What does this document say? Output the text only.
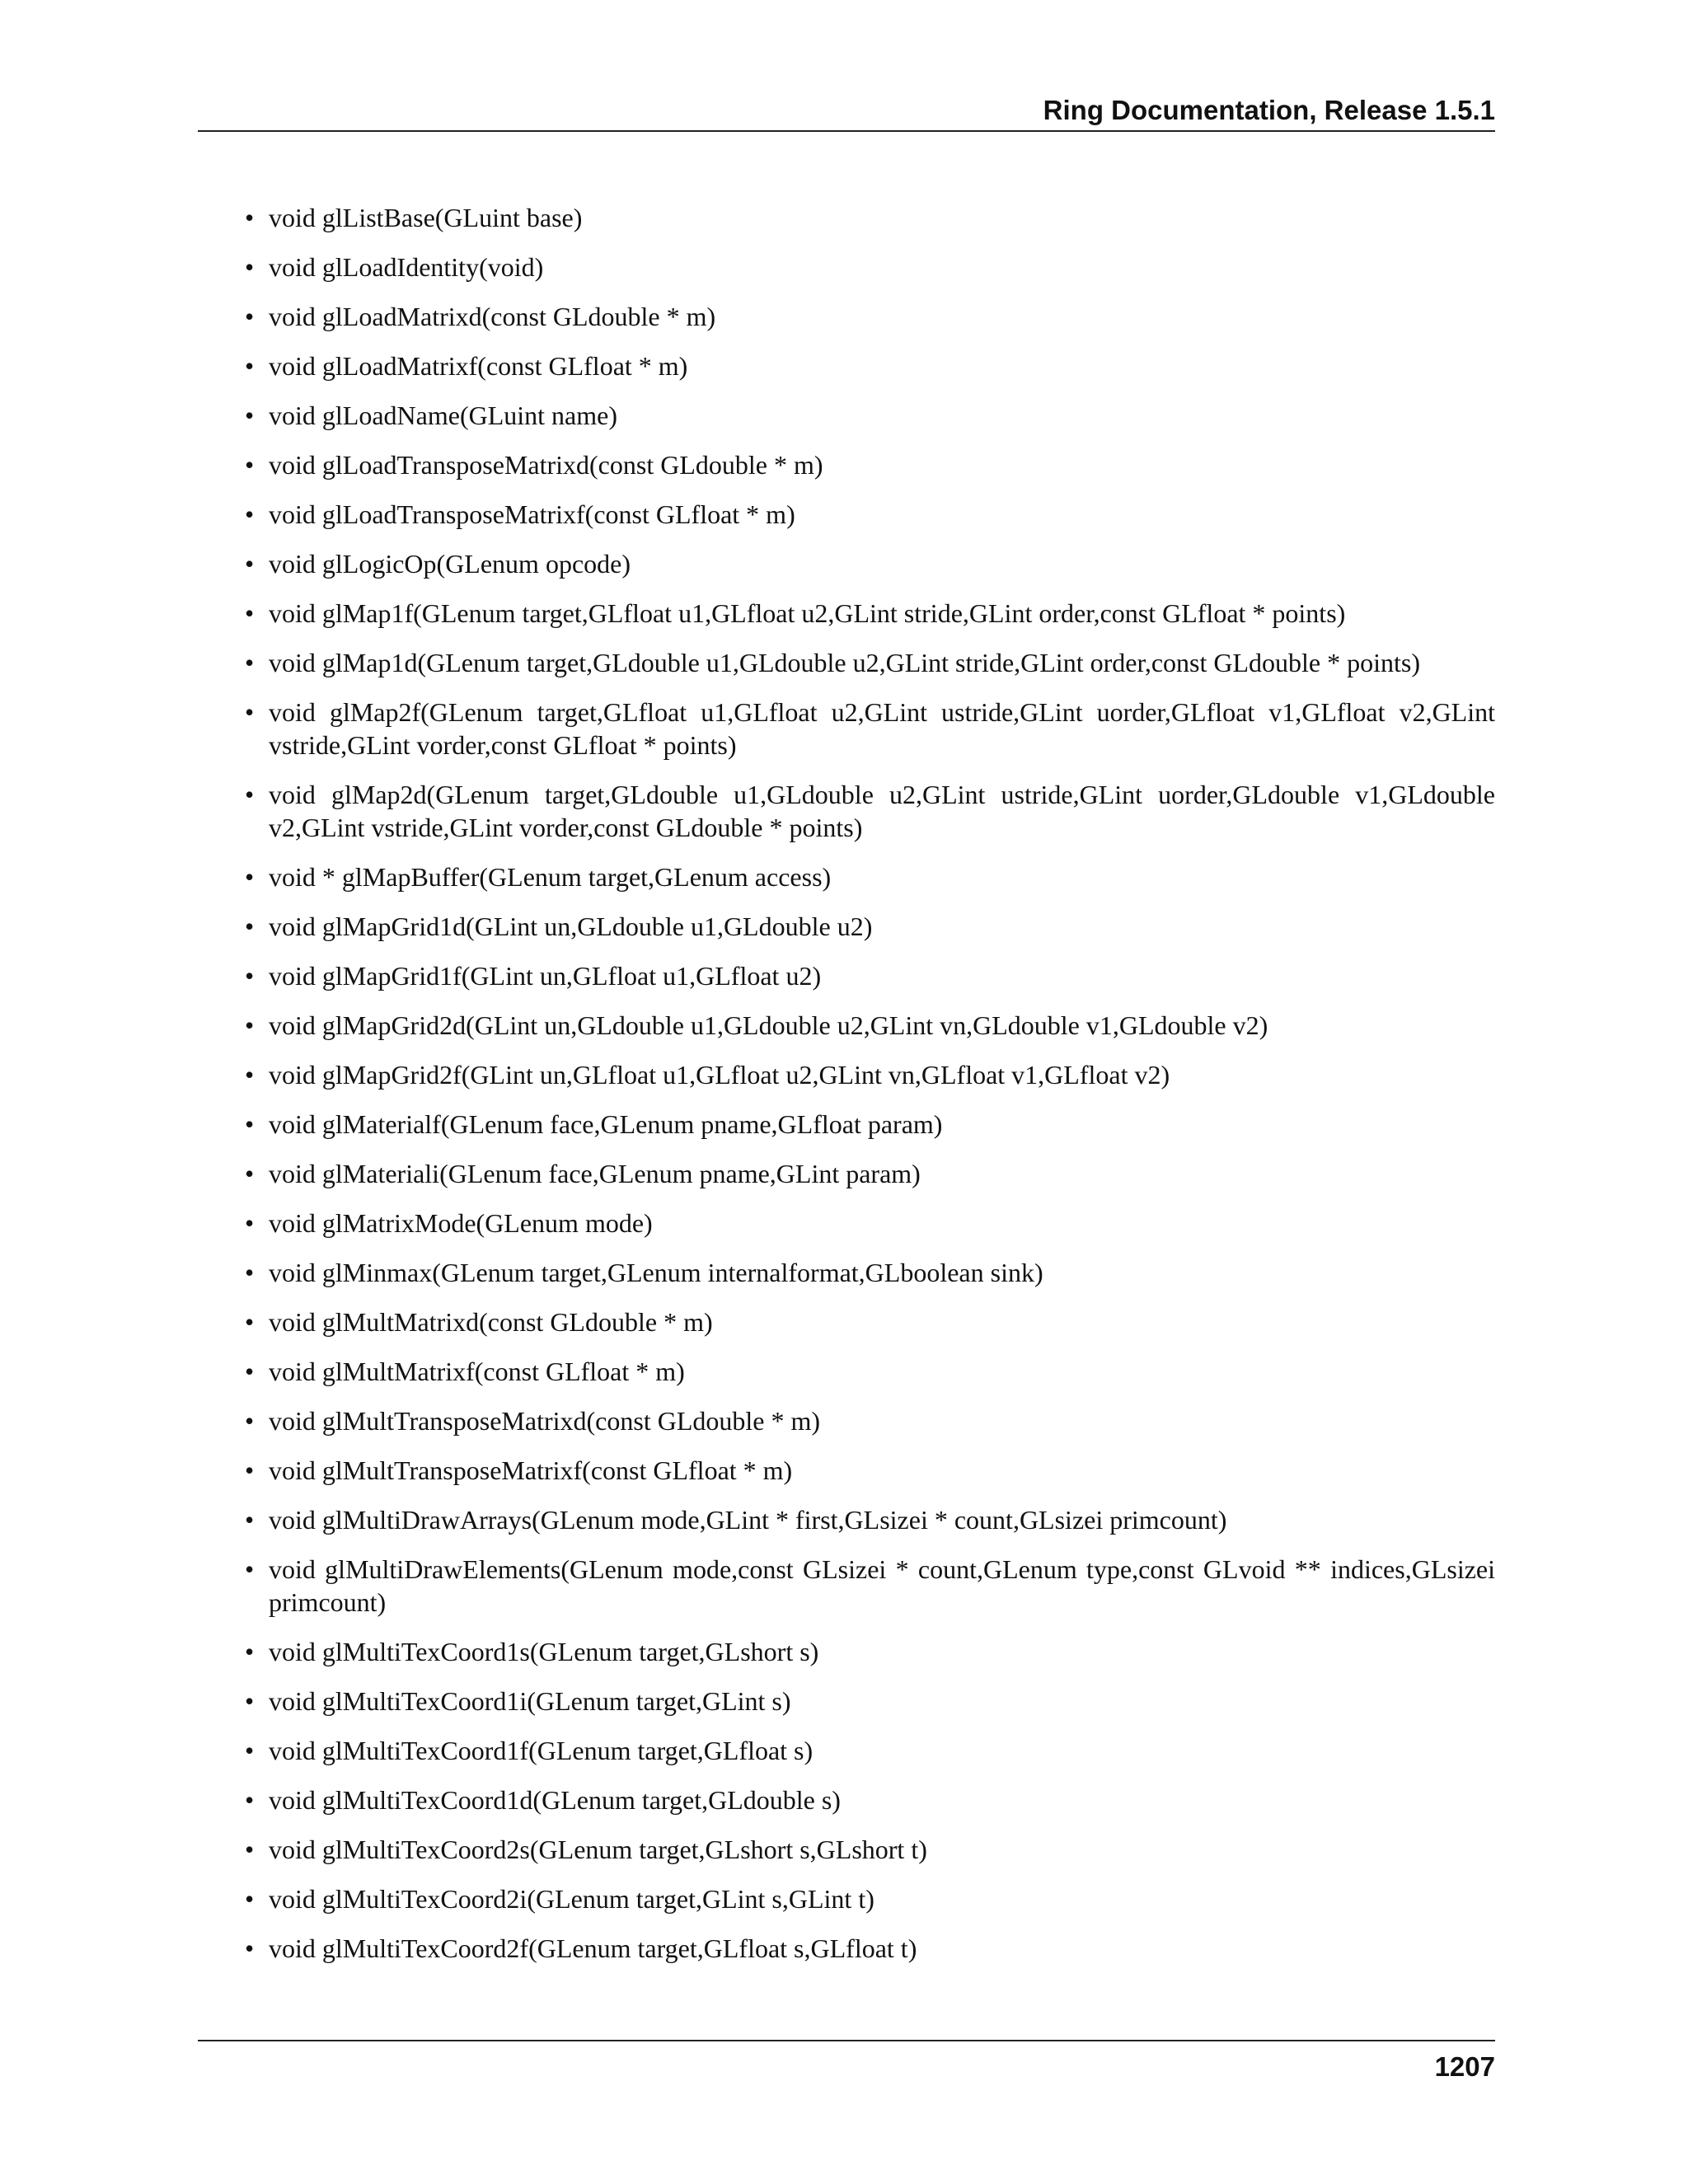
Ring Documentation, Release 1.5.1
• void glListBase(GLuint base)
• void glLoadIdentity(void)
• void glLoadMatrixd(const GLdouble * m)
• void glLoadMatrixf(const GLfloat * m)
• void glLoadName(GLuint name)
• void glLoadTransposeMatrixd(const GLdouble * m)
• void glLoadTransposeMatrixf(const GLfloat * m)
• void glLogicOp(GLenum opcode)
• void glMap1f(GLenum target,GLfloat u1,GLfloat u2,GLint stride,GLint order,const GLfloat * points)
• void glMap1d(GLenum target,GLdouble u1,GLdouble u2,GLint stride,GLint order,const GLdouble * points)
• void glMap2f(GLenum target,GLfloat u1,GLfloat u2,GLint ustride,GLint uorder,GLfloat v1,GLfloat v2,GLint vstride,GLint vorder,const GLfloat * points)
• void glMap2d(GLenum target,GLdouble u1,GLdouble u2,GLint ustride,GLint uorder,GLdouble v1,GLdouble v2,GLint vstride,GLint vorder,const GLdouble * points)
• void * glMapBuffer(GLenum target,GLenum access)
• void glMapGrid1d(GLint un,GLdouble u1,GLdouble u2)
• void glMapGrid1f(GLint un,GLfloat u1,GLfloat u2)
• void glMapGrid2d(GLint un,GLdouble u1,GLdouble u2,GLint vn,GLdouble v1,GLdouble v2)
• void glMapGrid2f(GLint un,GLfloat u1,GLfloat u2,GLint vn,GLfloat v1,GLfloat v2)
• void glMaterialf(GLenum face,GLenum pname,GLfloat param)
• void glMateriali(GLenum face,GLenum pname,GLint param)
• void glMatrixMode(GLenum mode)
• void glMinmax(GLenum target,GLenum internalformat,GLboolean sink)
• void glMultMatrixd(const GLdouble * m)
• void glMultMatrixf(const GLfloat * m)
• void glMultTransposeMatrixd(const GLdouble * m)
• void glMultTransposeMatrixf(const GLfloat * m)
• void glMultiDrawArrays(GLenum mode,GLint * first,GLsizei * count,GLsizei primcount)
• void glMultiDrawElements(GLenum mode,const GLsizei * count,GLenum type,const GLvoid ** indices,GLsizei primcount)
• void glMultiTexCoord1s(GLenum target,GLshort s)
• void glMultiTexCoord1i(GLenum target,GLint s)
• void glMultiTexCoord1f(GLenum target,GLfloat s)
• void glMultiTexCoord1d(GLenum target,GLdouble s)
• void glMultiTexCoord2s(GLenum target,GLshort s,GLshort t)
• void glMultiTexCoord2i(GLenum target,GLint s,GLint t)
• void glMultiTexCoord2f(GLenum target,GLfloat s,GLfloat t)
1207
